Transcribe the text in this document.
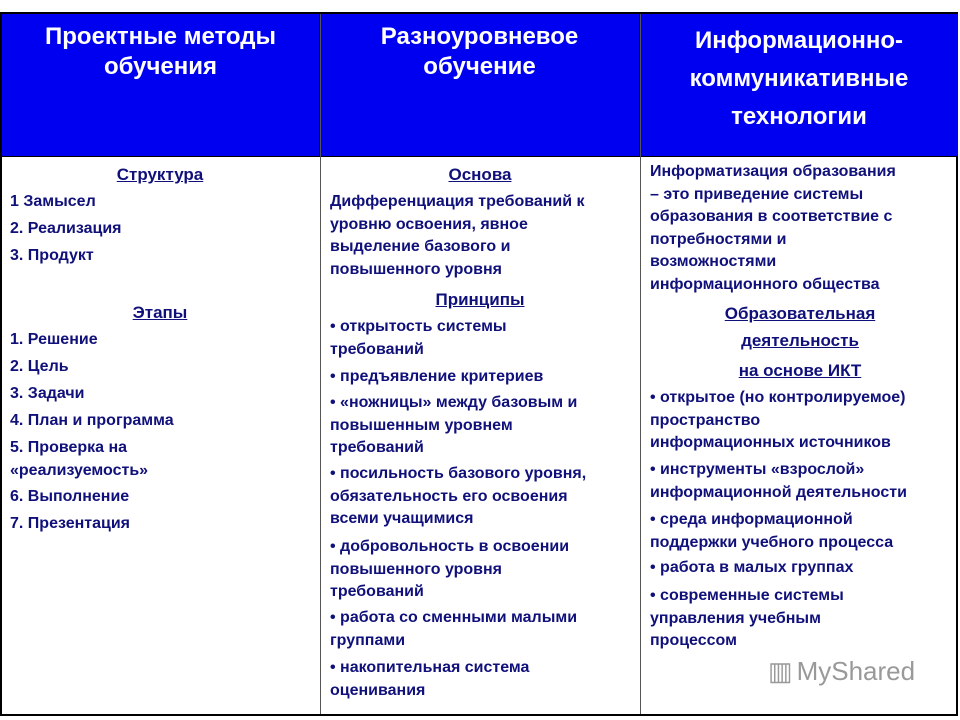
Проектные методы
обучения
Разноуровневое
обучение
Информационно-
коммуникативные
технологии
▥ MyShared
Структура
1 Замысел
2. Реализация
3. Продукт
Этапы
1. Решение
2. Цель
3. Задачи
4. План и программа
5. Проверка на
«реализуемость»
6. Выполнение
7. Презентация
Основа
Дифференциация требований к
уровню освоения, явное
выделение базового и
повышенного уровня
Принципы
• открытость системы
требований
• предъявление критериев
• «ножницы» между базовым и
повышенным уровнем
требований
• посильность базового уровня,
обязательность его освоения
всеми учащимися
• добровольность в освоении
повышенного уровня
требований
• работа со сменными малыми
группами
• накопительная система
оценивания
Информатизация образования
– это приведение системы
образования в соответствие с
потребностями и
возможностями
информационного общества
Образовательная
деятельность
на основе ИКТ
• открытое (но контролируемое)
пространство
информационных источников
• инструменты «взрослой»
информационной деятельности
• среда информационной
поддержки учебного процесса
• работа в малых группах
• современные системы
управления учебным
процессом
